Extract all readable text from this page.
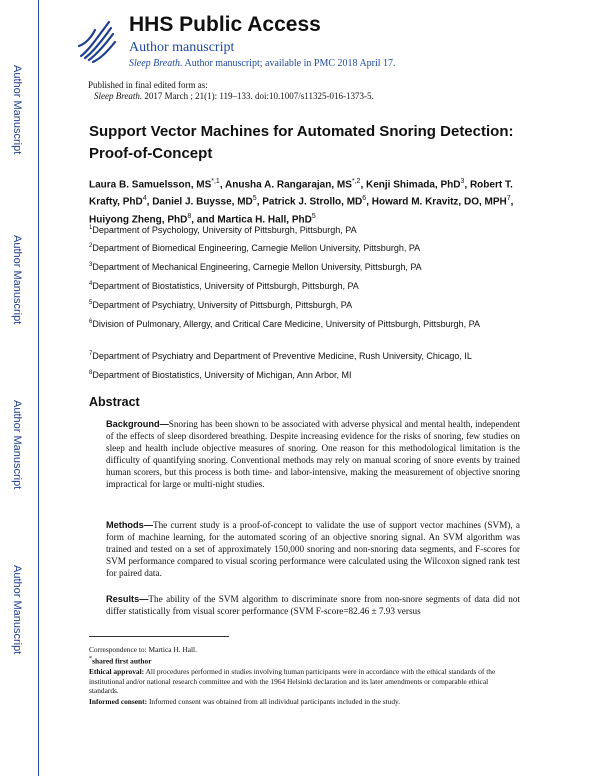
Author Manuscript
Author Manuscript
Author Manuscript
Author Manuscript
HHS Public Access
Author manuscript
Sleep Breath. Author manuscript; available in PMC 2018 April 17.
Published in final edited form as:
Sleep Breath. 2017 March ; 21(1): 119–133. doi:10.1007/s11325-016-1373-5.
Support Vector Machines for Automated Snoring Detection: Proof-of-Concept
Laura B. Samuelsson, $MS^{*,1}$, Anusha A. Rangarajan, $MS^{*,2}$, Kenji Shimada, PhD$^3$, Robert T. Krafty, PhD$^4$, Daniel J. Buysse, $MD^5$, Patrick J. Strollo, $MD^6$, Howard M. Kravitz, DO, MPH$^7$, Huiyong Zheng, PhD$^8$, and Martica H. Hall, PhD$^5$
$^1$Department of Psychology, University of Pittsburgh, Pittsburgh, PA
$^2$Department of Biomedical Engineering, Carnegie Mellon University, Pittsburgh, PA
$^3$Department of Mechanical Engineering, Carnegie Mellon University, Pittsburgh, PA
$^4$Department of Biostatistics, University of Pittsburgh, Pittsburgh, PA
$^5$Department of Psychiatry, University of Pittsburgh, Pittsburgh, PA
$^6$Division of Pulmonary, Allergy, and Critical Care Medicine, University of Pittsburgh, Pittsburgh, PA
$^7$Department of Psychiatry and Department of Preventive Medicine, Rush University, Chicago, IL
$^8$Department of Biostatistics, University of Michigan, Ann Arbor, MI
Abstract
Background—Snoring has been shown to be associated with adverse physical and mental health, independent of the effects of sleep disordered breathing. Despite increasing evidence for the risks of snoring, few studies on sleep and health include objective measures of snoring. One reason for this methodological limitation is the difficulty of quantifying snoring. Conventional methods may rely on manual scoring of snore events by trained human scorers, but this process is both time- and labor-intensive, making the measurement of objective snoring impractical for large or multi-night studies.
Methods—The current study is a proof-of-concept to validate the use of support vector machines (SVM), a form of machine learning, for the automated scoring of an objective snoring signal. An SVM algorithm was trained and tested on a set of approximately 150,000 snoring and non-snoring data segments, and F-scores for SVM performance compared to visual scoring performance were calculated using the Wilcoxon signed rank test for paired data.
Results—The ability of the SVM algorithm to discriminate snore from non-snore segments of data did not differ statistically from visual scorer performance (SVM F-score=82.46 ± 7.93 versus
Correspondence to: Martica H. Hall.
*shared first author
Ethical approval: All procedures performed in studies involving human participants were in accordance with the ethical standards of the institutional and/or national research committee and with the 1964 Helsinki declaration and its later amendments or comparable ethical standards.
Informed consent: Informed consent was obtained from all individual participants included in the study.
